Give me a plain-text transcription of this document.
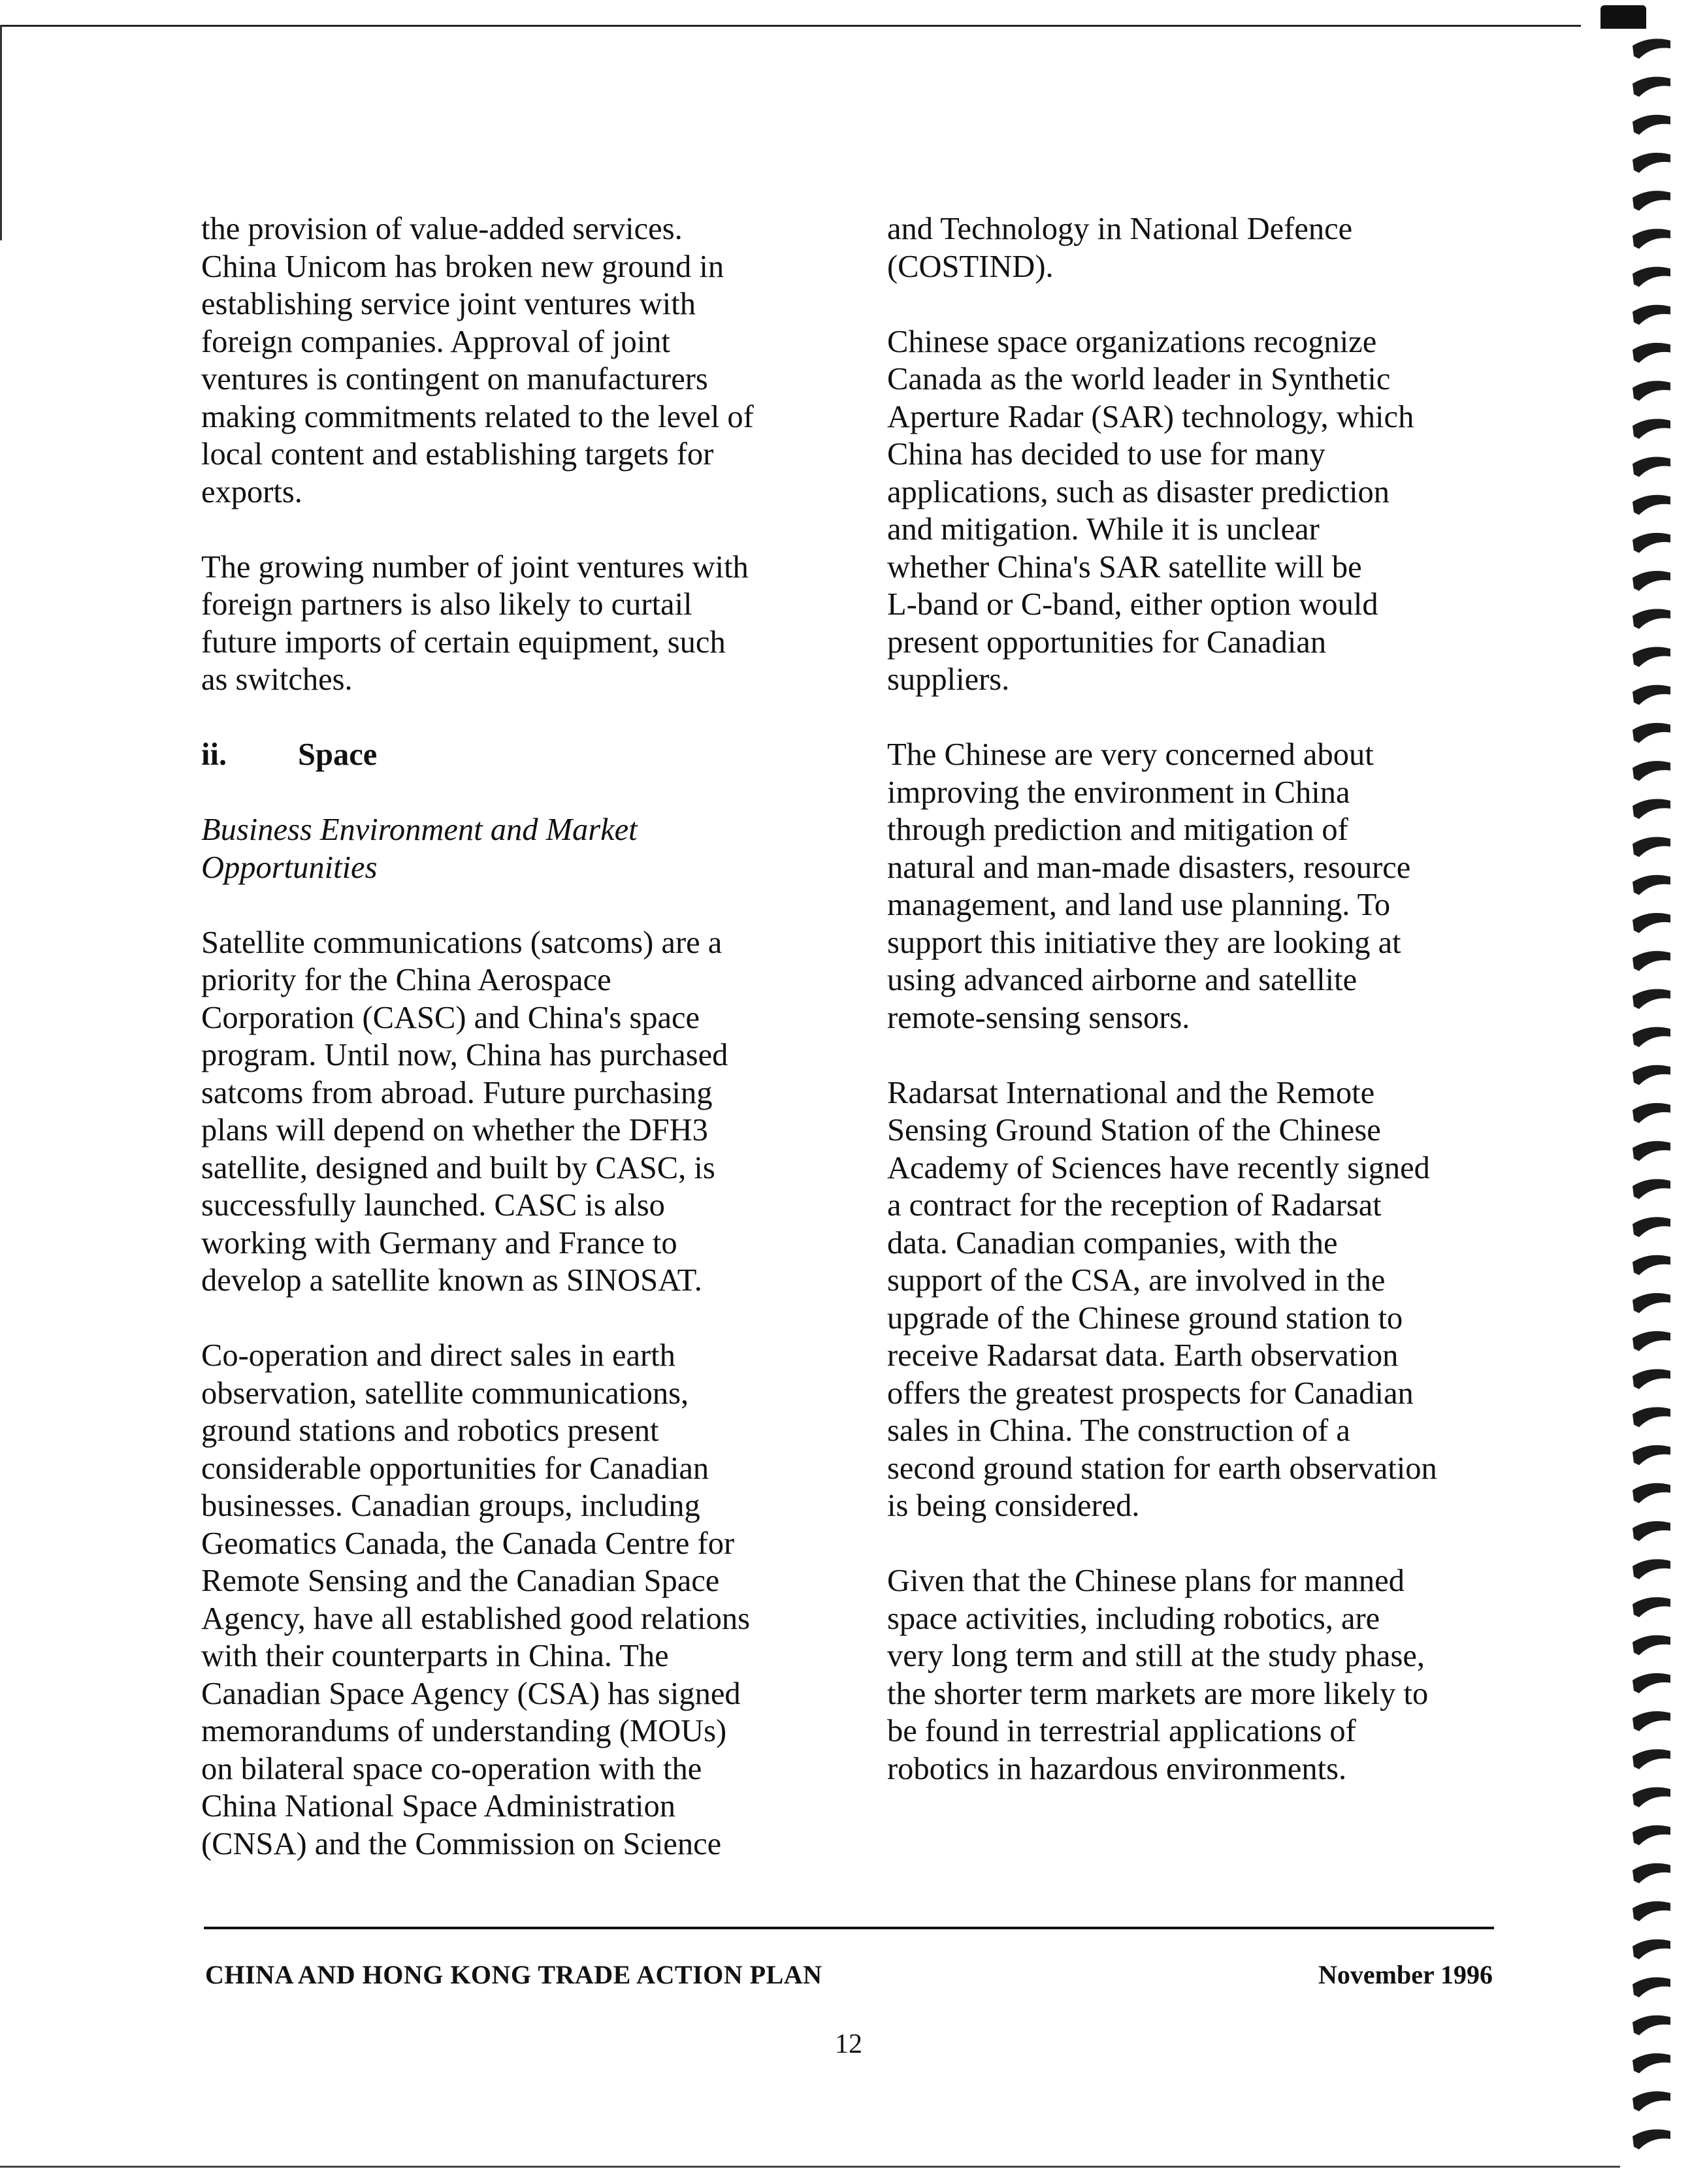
the provision of value-added services.
China Unicom has broken new ground in
establishing service joint ventures with
foreign companies. Approval of joint
ventures is contingent on manufacturers
making commitments related to the level of
local content and establishing targets for
exports.

The growing number of joint ventures with
foreign partners is also likely to curtail
future imports of certain equipment, such
as switches.

ii. Space
Business Environment and Market
Opportunities

Satellite communications (satcoms) are a
priority for the China Aerospace
Corporation (CASC) and China's space
program. Until now, China has purchased
satcoms from abroad. Future purchasing
plans will depend on whether the DFH3
satellite, designed and built by CASC, is
successfully launched. CASC is also
working with Germany and France to
develop a satellite known as SINOSAT.

Co-operation and direct sales in earth
observation, satellite communications,
ground stations and robotics present
considerable opportunities for Canadian
businesses. Canadian groups, including
Geomatics Canada, the Canada Centre for
Remote Sensing and the Canadian Space
Agency, have all established good relations
with their counterparts in China. The
Canadian Space Agency (CSA) has signed
memorandums of understanding (MOUs)
on bilateral space co-operation with the
China National Space Administration
(CNSA) and the Commission on Science

and Technology in National Defence
(COSTIND).

Chinese space organizations recognize
Canada as the world leader in Synthetic
Aperture Radar (SAR) technology, which
China has decided to use for many
applications, such as disaster prediction
and mitigation. While it is unclear
whether China's SAR satellite will be
L-band or C-band, either option would
present opportunities for Canadian
suppliers.

The Chinese are very concerned about
improving the environment in China
through prediction and mitigation of
natural and man-made disasters, resource
management, and land use planning. To
support this initiative they are looking at
using advanced airborne and satellite
remote-sensing sensors.

Radarsat International and the Remote
Sensing Ground Station of the Chinese
Academy of Sciences have recently signed
a contract for the reception of Radarsat
data. Canadian companies, with the
support of the CSA, are involved in the
upgrade of the Chinese ground station to
receive Radarsat data. Earth observation
offers the greatest prospects for Canadian
sales in China. The construction of a
second ground station for earth observation
is being considered.

Given that the Chinese plans for manned
space activities, including robotics, are
very long term and still at the study phase,
the shorter term markets are more likely to
be found in terrestrial applications of
robotics in hazardous environments.

CHINA AND HONG KONG TRADE ACTION PLAN	November 1996
12
